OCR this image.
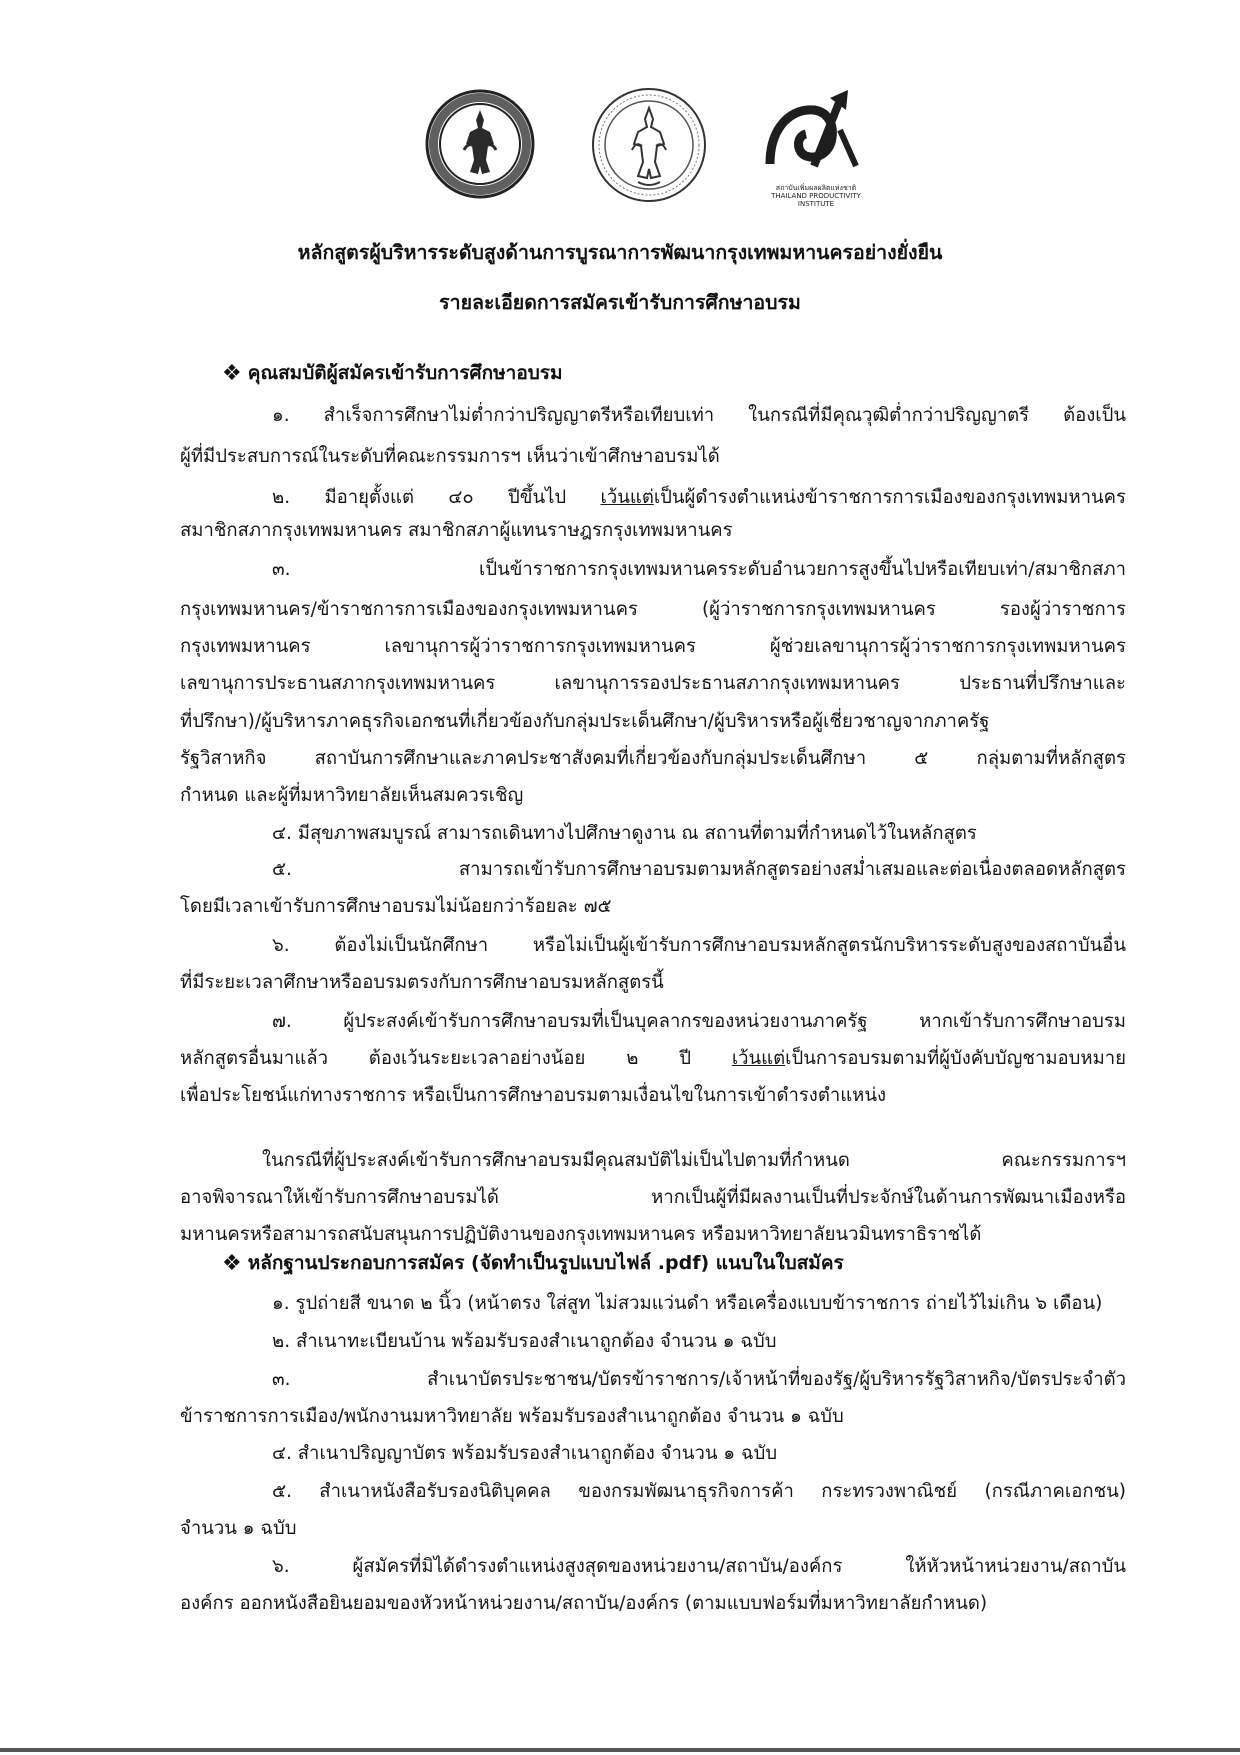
สถาบันเพิ่มผลผลิตแห่งชาติ
THAILAND PRODUCTIVITY INSTITUTE
หลักสูตรผู้บริหารระดับสูงด้านการบูรณาการพัฒนากรุงเทพมหานครอย่างยั่งยืน
รายละเอียดการสมัครเข้ารับการศึกษาอบรม
❖ คุณสมบัติผู้สมัครเข้ารับการศึกษาอบรม
๑. สำเร็จการศึกษาไม่ต่ำกว่าปริญญาตรีหรือเทียบเท่า ในกรณีที่มีคุณวุฒิต่ำกว่าปริญญาตรี ต้องเป็น
ผู้ที่มีประสบการณ์ในระดับที่คณะกรรมการฯ เห็นว่าเข้าศึกษาอบรมได้
๒. มีอายุตั้งแต่ ๔๐ ปีขึ้นไป เว้นแต่เป็นผู้ดำรงตำแหน่งข้าราชการการเมืองของกรุงเทพมหานคร
สมาชิกสภากรุงเทพมหานคร สมาชิกสภาผู้แทนราษฎรกรุงเทพมหานคร
๓. เป็นข้าราชการกรุงเทพมหานครระดับอำนวยการสูงขึ้นไปหรือเทียบเท่า/สมาชิกสภา
กรุงเทพมหานคร/ข้าราชการการเมืองของกรุงเทพมหานคร (ผู้ว่าราชการกรุงเทพมหานคร รองผู้ว่าราชการ
กรุงเทพมหานคร เลขานุการผู้ว่าราชการกรุงเทพมหานคร ผู้ช่วยเลขานุการผู้ว่าราชการกรุงเทพมหานคร
เลขานุการประธานสภากรุงเทพมหานคร เลขานุการรองประธานสภากรุงเทพมหานคร ประธานที่ปรึกษาและ
ที่ปรึกษา)/ผู้บริหารภาคธุรกิจเอกชนที่เกี่ยวข้องกับกลุ่มประเด็นศึกษา/ผู้บริหารหรือผู้เชี่ยวชาญจากภาครัฐ
รัฐวิสาหกิจ สถาบันการศึกษาและภาคประชาสังคมที่เกี่ยวข้องกับกลุ่มประเด็นศึกษา ๕ กลุ่มตามที่หลักสูตร
กำหนด และผู้ที่มหาวิทยาลัยเห็นสมควรเชิญ
๔. มีสุขภาพสมบูรณ์ สามารถเดินทางไปศึกษาดูงาน ณ สถานที่ตามที่กำหนดไว้ในหลักสูตร
๕. สามารถเข้ารับการศึกษาอบรมตามหลักสูตรอย่างสม่ำเสมอและต่อเนื่องตลอดหลักสูตร
โดยมีเวลาเข้ารับการศึกษาอบรมไม่น้อยกว่าร้อยละ ๗๕
๖. ต้องไม่เป็นนักศึกษา หรือไม่เป็นผู้เข้ารับการศึกษาอบรมหลักสูตรนักบริหารระดับสูงของสถาบันอื่น
ที่มีระยะเวลาศึกษาหรืออบรมตรงกับการศึกษาอบรมหลักสูตรนี้
๗. ผู้ประสงค์เข้ารับการศึกษาอบรมที่เป็นบุคลากรของหน่วยงานภาครัฐ หากเข้ารับการศึกษาอบรม
หลักสูตรอื่นมาแล้ว ต้องเว้นระยะเวลาอย่างน้อย ๒ ปี เว้นแต่เป็นการอบรมตามที่ผู้บังคับบัญชามอบหมาย
เพื่อประโยชน์แก่ทางราชการ หรือเป็นการศึกษาอบรมตามเงื่อนไขในการเข้าดำรงตำแหน่ง
ในกรณีที่ผู้ประสงค์เข้ารับการศึกษาอบรมมีคุณสมบัติไม่เป็นไปตามที่กำหนด คณะกรรมการฯ
อาจพิจารณาให้เข้ารับการศึกษาอบรมได้ หากเป็นผู้ที่มีผลงานเป็นที่ประจักษ์ในด้านการพัฒนาเมืองหรือ
มหานครหรือสามารถสนับสนุนการปฏิบัติงานของกรุงเทพมหานคร หรือมหาวิทยาลัยนวมินทราธิราชได้
❖ หลักฐานประกอบการสมัคร (จัดทำเป็นรูปแบบไฟล์ .pdf) แนบในใบสมัคร
๑. รูปถ่ายสี ขนาด ๒ นิ้ว (หน้าตรง ใส่สูท ไม่สวมแว่นดำ หรือเครื่องแบบข้าราชการ ถ่ายไว้ไม่เกิน ๖ เดือน)
๒. สำเนาทะเบียนบ้าน พร้อมรับรองสำเนาถูกต้อง จำนวน ๑ ฉบับ
๓. สำเนาบัตรประชาชน/บัตรข้าราชการ/เจ้าหน้าที่ของรัฐ/ผู้บริหารรัฐวิสาหกิจ/บัตรประจำตัว
ข้าราชการการเมือง/พนักงานมหาวิทยาลัย พร้อมรับรองสำเนาถูกต้อง จำนวน ๑ ฉบับ
๔. สำเนาปริญญาบัตร พร้อมรับรองสำเนาถูกต้อง จำนวน ๑ ฉบับ
๕. สำเนาหนังสือรับรองนิติบุคคล ของกรมพัฒนาธุรกิจการค้า กระทรวงพาณิชย์ (กรณีภาคเอกชน)
จำนวน ๑ ฉบับ
๖. ผู้สมัครที่มิได้ดำรงตำแหน่งสูงสุดของหน่วยงาน/สถาบัน/องค์กร ให้หัวหน้าหน่วยงาน/สถาบัน
องค์กร ออกหนังสือยินยอมของหัวหน้าหน่วยงาน/สถาบัน/องค์กร (ตามแบบฟอร์มที่มหาวิทยาลัยกำหนด)
